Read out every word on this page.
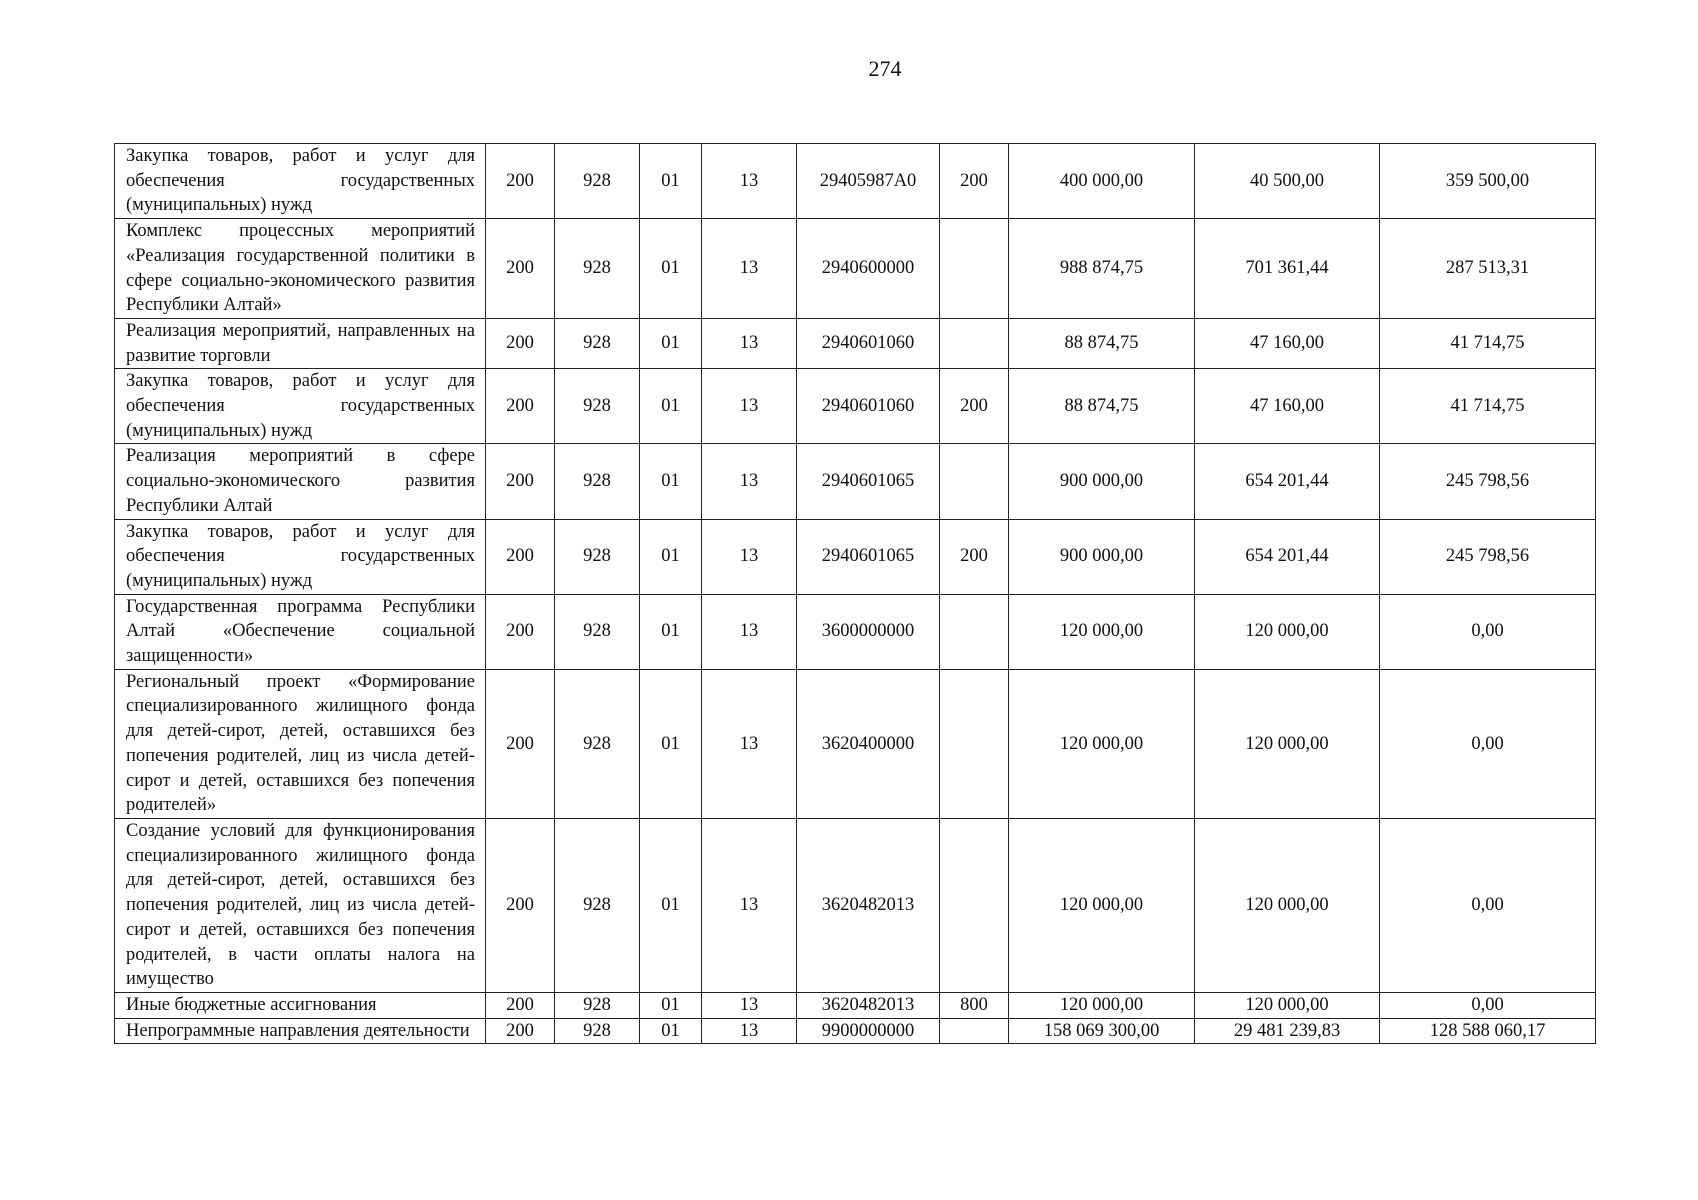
274
Закупка товаров, работ и услуг для обеспечения государственных (муниципальных) нужд	200	928	01	13	29405987А0	200	400 000,00	40 500,00	359 500,00
Комплекс процессных мероприятий «Реализация государственной политики в сфере социально-экономического развития Республики Алтай»	200	928	01	13	2940600000		988 874,75	701 361,44	287 513,31
Реализация мероприятий, направленных на развитие торговли	200	928	01	13	2940601060		88 874,75	47 160,00	41 714,75
Закупка товаров, работ и услуг для обеспечения государственных (муниципальных) нужд	200	928	01	13	2940601060	200	88 874,75	47 160,00	41 714,75
Реализация мероприятий в сфере социально-экономического развития Республики Алтай	200	928	01	13	2940601065		900 000,00	654 201,44	245 798,56
Закупка товаров, работ и услуг для обеспечения государственных (муниципальных) нужд	200	928	01	13	2940601065	200	900 000,00	654 201,44	245 798,56
Государственная программа Республики Алтай «Обеспечение социальной защищенности»	200	928	01	13	3600000000		120 000,00	120 000,00	0,00
Региональный проект «Формирование специализированного жилищного фонда для детей-сирот, детей, оставшихся без попечения родителей, лиц из числа детей-сирот и детей, оставшихся без попечения родителей»	200	928	01	13	3620400000		120 000,00	120 000,00	0,00
Создание условий для функционирования специализированного жилищного фонда для детей-сирот, детей, оставшихся без попечения родителей, лиц из числа детей-сирот и детей, оставшихся без попечения родителей, в части оплаты налога на имущество	200	928	01	13	3620482013		120 000,00	120 000,00	0,00
Иные бюджетные ассигнования	200	928	01	13	3620482013	800	120 000,00	120 000,00	0,00
Непрограммные направления деятельности	200	928	01	13	9900000000		158 069 300,00	29 481 239,83	128 588 060,17
